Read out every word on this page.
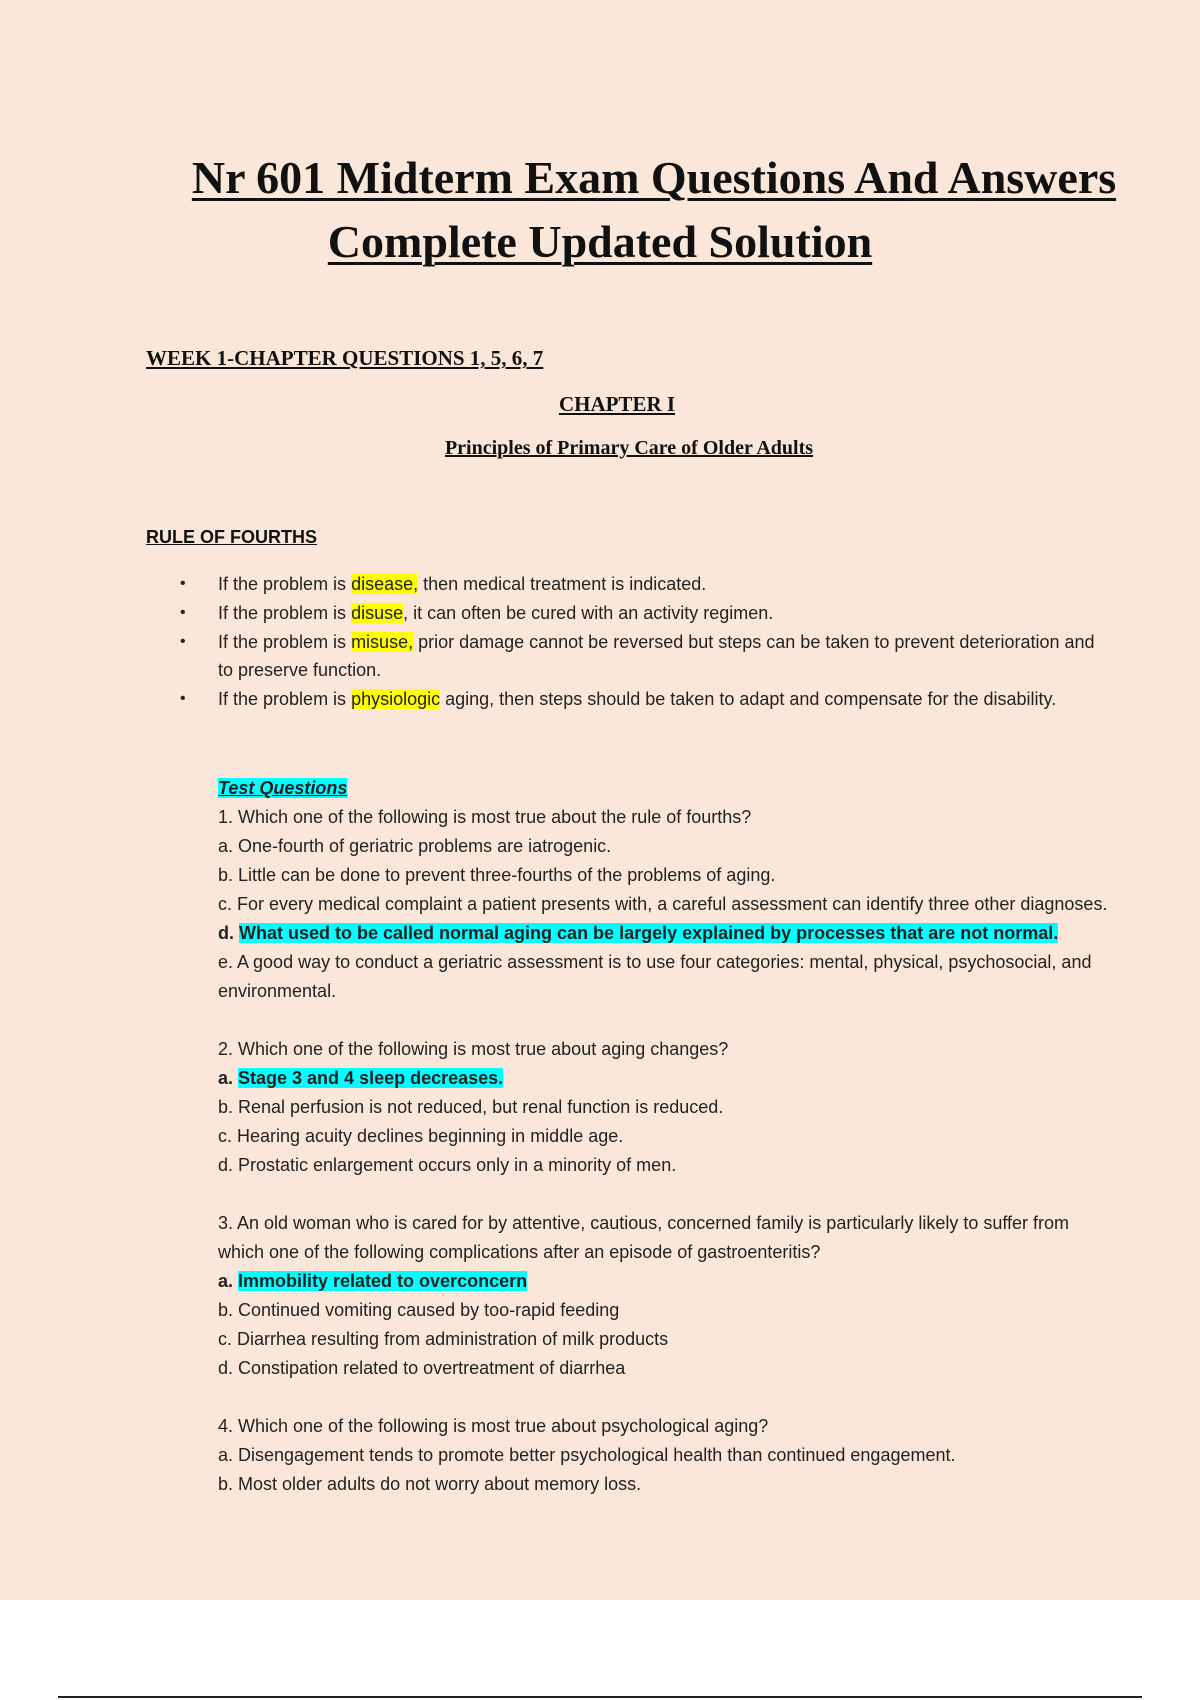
Nr 601 Midterm Exam Questions And Answers
Complete Updated Solution

WEEK 1-CHAPTER QUESTIONS 1, 5, 6, 7

CHAPTER I

Principles of Primary Care of Older Adults

RULE OF FOURTHS

• If the problem is disease, then medical treatment is indicated.
• If the problem is disuse, it can often be cured with an activity regimen.
• If the problem is misuse, prior damage cannot be reversed but steps can be taken to prevent deterioration and to preserve function.
• If the problem is physiologic aging, then steps should be taken to adapt and compensate for the disability.

Test Questions

1. Which one of the following is most true about the rule of fourths?

a. One-fourth of geriatric problems are iatrogenic.

b. Little can be done to prevent three-fourths of the problems of aging.

c. For every medical complaint a patient presents with, a careful assessment can identify three other diagnoses.

d. What used to be called normal aging can be largely explained by processes that are not normal.

e. A good way to conduct a geriatric assessment is to use four categories: mental, physical, psychosocial, and environmental.

2. Which one of the following is most true about aging changes?

a. Stage 3 and 4 sleep decreases.

b. Renal perfusion is not reduced, but renal function is reduced.

c. Hearing acuity declines beginning in middle age.

d. Prostatic enlargement occurs only in a minority of men.

3. An old woman who is cared for by attentive, cautious, concerned family is particularly likely to suffer from which one of the following complications after an episode of gastroenteritis?

a. Immobility related to overconcern

b. Continued vomiting caused by too-rapid feeding

c. Diarrhea resulting from administration of milk products

d. Constipation related to overtreatment of diarrhea

4. Which one of the following is most true about psychological aging?

a. Disengagement tends to promote better psychological health than continued engagement.

b. Most older adults do not worry about memory loss.
